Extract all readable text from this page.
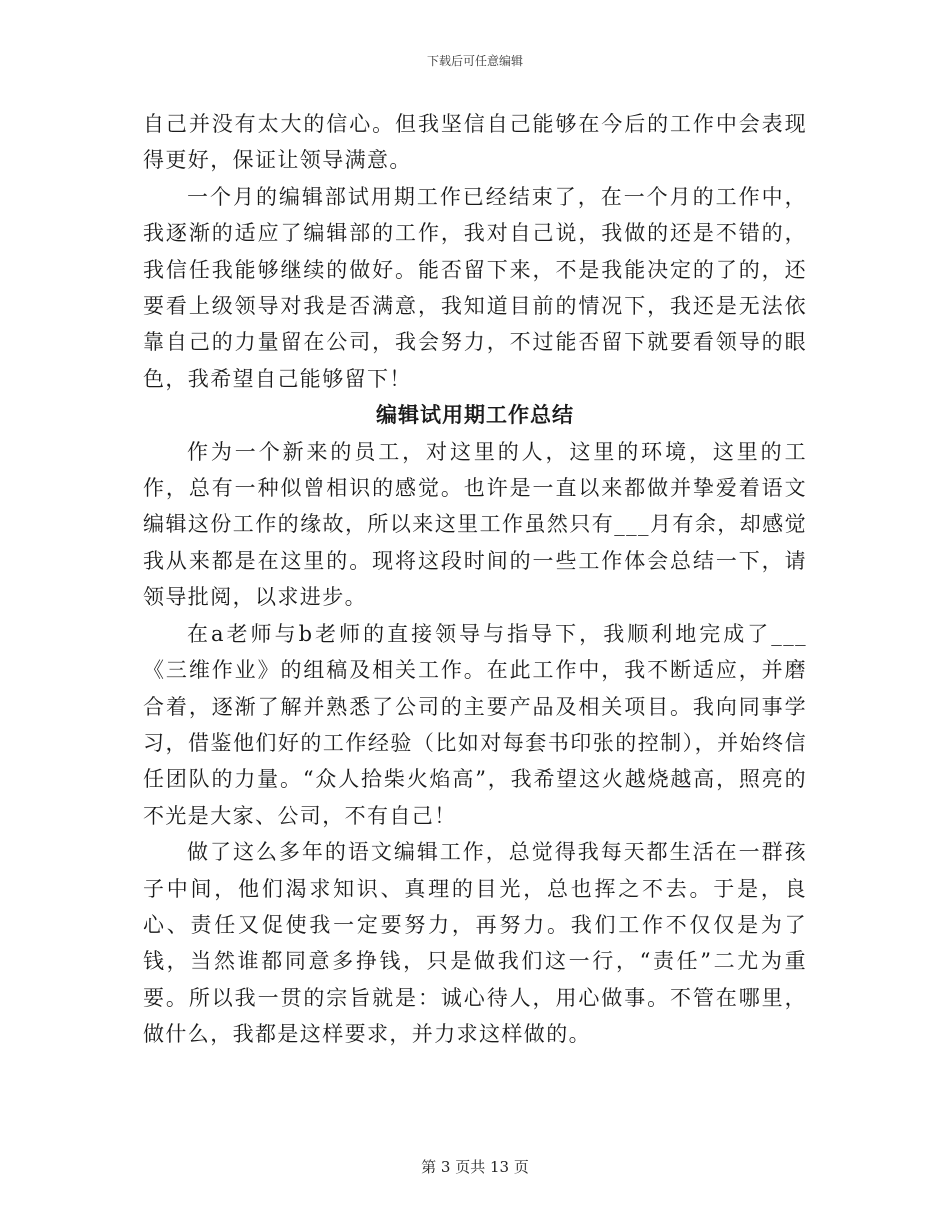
下载后可任意编辑

自己并没有太大的信心。但我坚信自己能够在今后的工作中会表现得更好，保证让领导满意。

一个月的编辑部试用期工作已经结束了，在一个月的工作中，我逐渐的适应了编辑部的工作，我对自己说，我做的还是不错的，我信任我能够继续的做好。能否留下来，不是我能决定的了的，还要看上级领导对我是否满意，我知道目前的情况下，我还是无法依靠自己的力量留在公司，我会努力，不过能否留下就要看领导的眼色，我希望自己能够留下！

编辑试用期工作总结

作为一个新来的员工，对这里的人，这里的环境，这里的工作，总有一种似曾相识的感觉。也许是一直以来都做并挚爱着语文编辑这份工作的缘故，所以来这里工作虽然只有___月有余，却感觉我从来都是在这里的。现将这段时间的一些工作体会总结一下，请领导批阅，以求进步。

在a老师与b老师的直接领导与指导下，我顺利地完成了___《三维作业》的组稿及相关工作。在此工作中，我不断适应，并磨合着，逐渐了解并熟悉了公司的主要产品及相关项目。我向同事学习，借鉴他们好的工作经验（比如对每套书印张的控制），并始终信任团队的力量。“众人拾柴火焰高”，我希望这火越烧越高，照亮的不光是大家、公司，不有自己！

做了这么多年的语文编辑工作，总觉得我每天都生活在一群孩子中间，他们渴求知识、真理的目光，总也挥之不去。于是，良心、责任又促使我一定要努力，再努力。我们工作不仅仅是为了钱，当然谁都同意多挣钱，只是做我们这一行，“责任”二尤为重要。所以我一贯的宗旨就是：诚心待人，用心做事。不管在哪里，做什么，我都是这样要求，并力求这样做的。

第 3 页共 13 页
